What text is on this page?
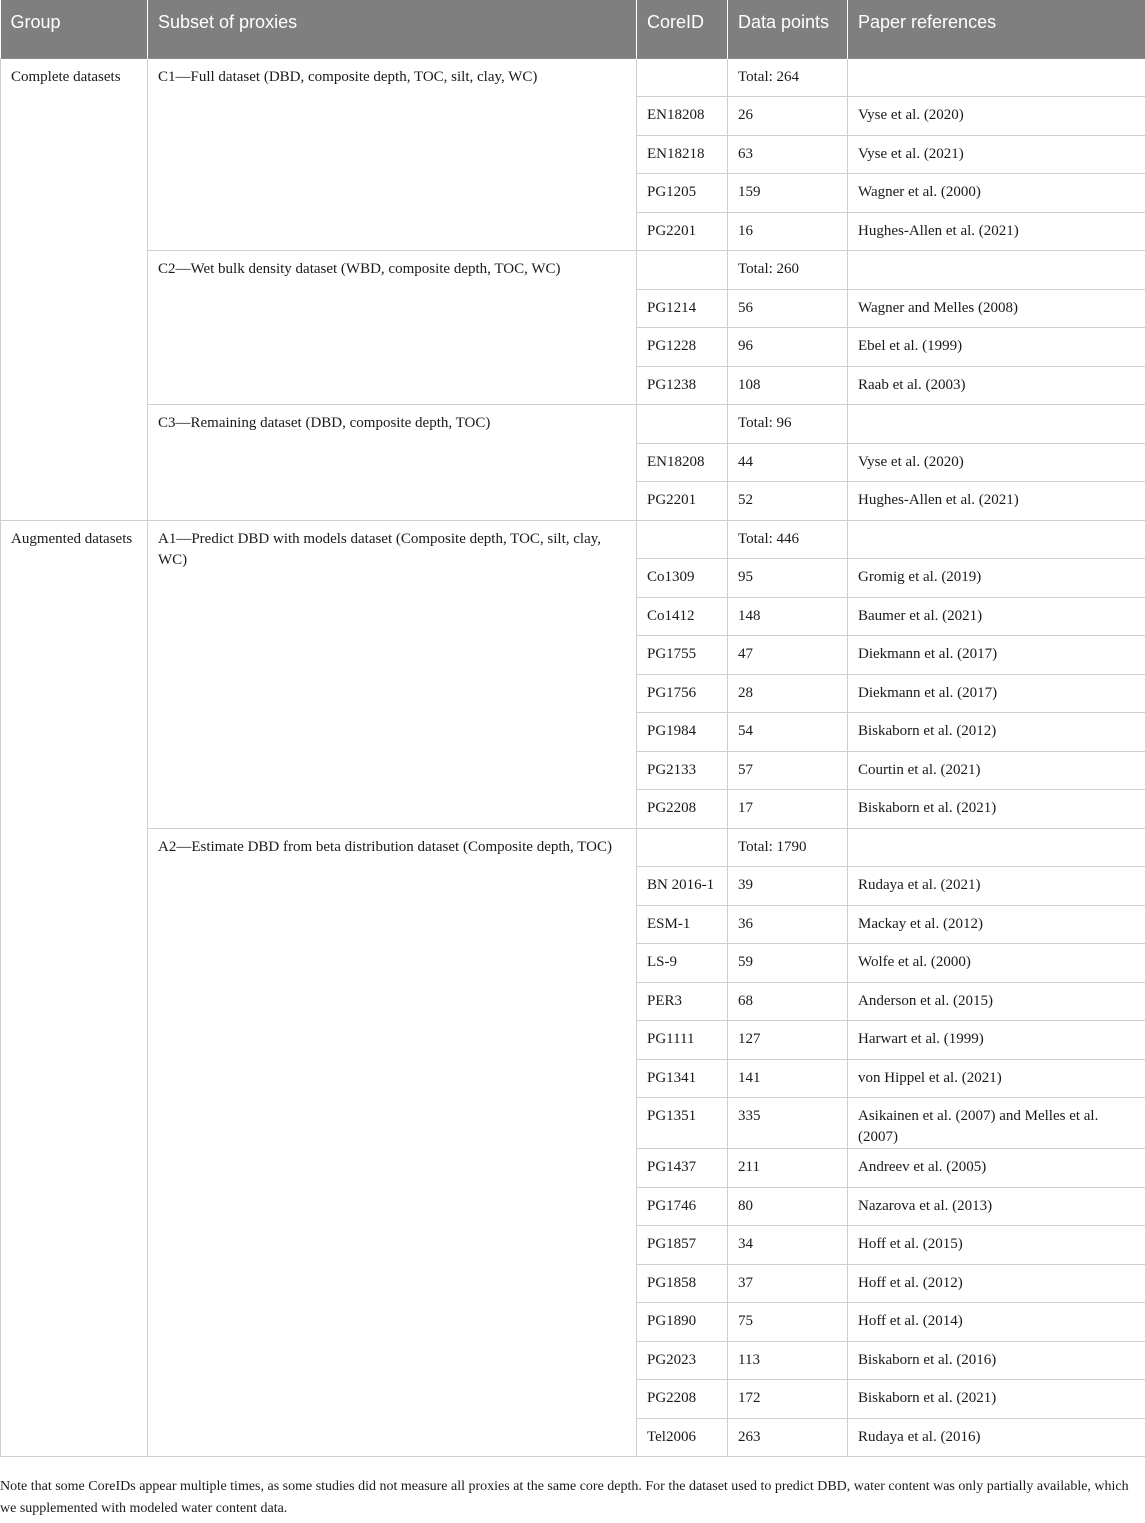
Group	Subset of proxies	CoreID	Data points	Paper references
Complete datasets	C1—Full dataset (DBD, composite depth, TOC, silt, clay, WC)		Total: 264	
		EN18208	26	Vyse et al. (2020)
		EN18218	63	Vyse et al. (2021)
		PG1205	159	Wagner et al. (2000)
		PG2201	16	Hughes-Allen et al. (2021)
	C2—Wet bulk density dataset (WBD, composite depth, TOC, WC)		Total: 260	
		PG1214	56	Wagner and Melles (2008)
		PG1228	96	Ebel et al. (1999)
		PG1238	108	Raab et al. (2003)
	C3—Remaining dataset (DBD, composite depth, TOC)		Total: 96	
		EN18208	44	Vyse et al. (2020)
		PG2201	52	Hughes-Allen et al. (2021)
Augmented datasets	A1—Predict DBD with models dataset (Composite depth, TOC, silt, clay, WC)		Total: 446	
		Co1309	95	Gromig et al. (2019)
		Co1412	148	Baumer et al. (2021)
		PG1755	47	Diekmann et al. (2017)
		PG1756	28	Diekmann et al. (2017)
		PG1984	54	Biskaborn et al. (2012)
		PG2133	57	Courtin et al. (2021)
		PG2208	17	Biskaborn et al. (2021)
	A2—Estimate DBD from beta distribution dataset (Composite depth, TOC)		Total: 1790	
		BN 2016-1	39	Rudaya et al. (2021)
		ESM-1	36	Mackay et al. (2012)
		LS-9	59	Wolfe et al. (2000)
		PER3	68	Anderson et al. (2015)
		PG1111	127	Harwart et al. (1999)
		PG1341	141	von Hippel et al. (2021)
		PG1351	335	Asikainen et al. (2007) and Melles et al. (2007)
		PG1437	211	Andreev et al. (2005)
		PG1746	80	Nazarova et al. (2013)
		PG1857	34	Hoff et al. (2015)
		PG1858	37	Hoff et al. (2012)
		PG1890	75	Hoff et al. (2014)
		PG2023	113	Biskaborn et al. (2016)
		PG2208	172	Biskaborn et al. (2021)
		Tel2006	263	Rudaya et al. (2016)
Note that some CoreIDs appear multiple times, as some studies did not measure all proxies at the same core depth. For the dataset used to predict DBD, water content was only partially available, which we supplemented with modeled water content data.
